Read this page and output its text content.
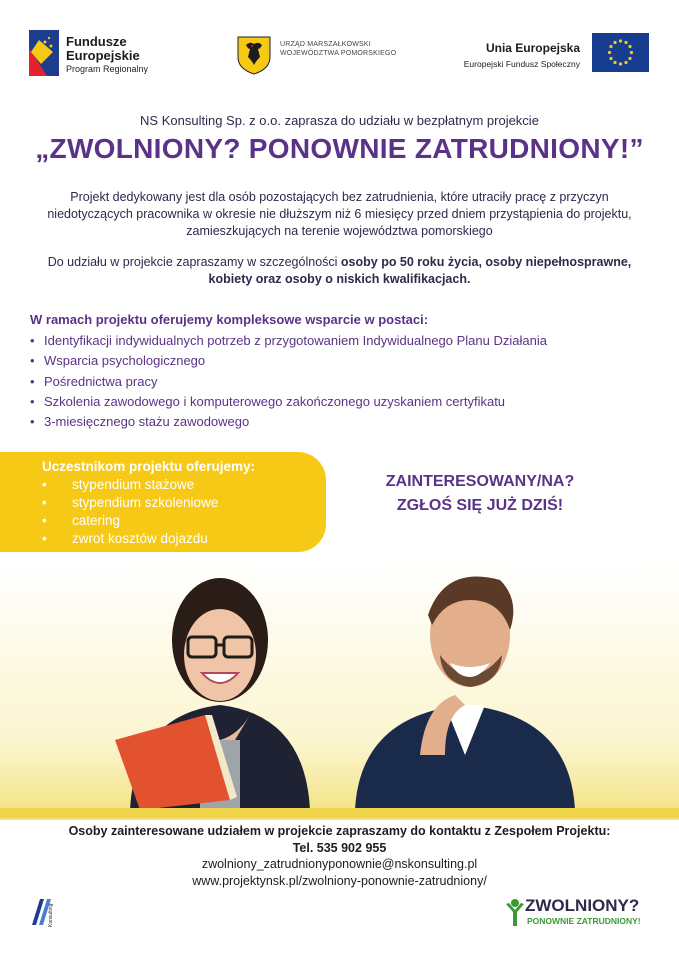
Fundusze
Europejskie
Program Regionalny
URZĄD MARSZAŁKOWSKI
WOJEWÓDZTWA POMORSKIEGO	Unia Europejska
Europejski Fundusz Społeczny
NS Konsulting Sp. z o.o. zaprasza do udziału w bezpłatnym projekcie
„ZWOLNIONY? PONOWNIE ZATRUDNIONY!”
Projekt dedykowany jest dla osób pozostających bez zatrudnienia, które utraciły pracę z przyczyn niedotyczących pracownika w okresie nie dłuższym niż 6 miesięcy przed dniem przystąpienia do projektu, zamieszkujących na terenie województwa pomorskiego
Do udziału w projekcie zapraszamy w szczególności osoby po 50 roku życia, osoby niepełnosprawne, kobiety oraz osoby o niskich kwalifikacjach.
W ramach projektu oferujemy kompleksowe wsparcie w postaci:
• Identyfikacji indywidualnych potrzeb z przygotowaniem Indywidualnego Planu Działania
• Wsparcia psychologicznego
• Pośrednictwa pracy
• Szkolenia zawodowego i komputerowego zakończonego uzyskaniem certyfikatu
• 3-miesięcznego stażu zawodowego
Uczestnikom projektu oferujemy:
• stypendium stażowe
• stypendium szkoleniowe
• catering
• zwrot kosztów dojazdu
ZAINTERESOWANY/NA?
ZGŁOŚ SIĘ JUŻ DZIŚ!
Osoby zainteresowane udziałem w projekcie zapraszamy do kontaktu z Zespołem Projektu:
Tel. 535 902 955
zwolniony_zatrudnionyponownie@nskonsulting.pl
www.projektynsk.pl/zwolniony-ponownie-zatrudniony/
Konsulting	ZWOLNIONY?
PONOWNIE ZATRUDNIONY!
